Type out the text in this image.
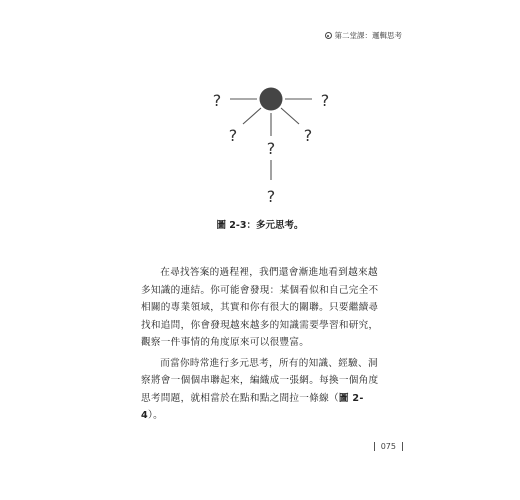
第二堂課：邏輯思考
?	?
?	?
?
?
圖 2-3：多元思考。

在尋找答案的過程裡，我們還會漸進地看到越來越多知識的連結。你可能會發現：某個看似和自己完全不相關的專業領域，其實和你有很大的關聯。只要繼續尋找和追問，你會發現越來越多的知識需要學習和研究，觀察一件事情的角度原來可以很豐富。

而當你時常進行多元思考，所有的知識、經驗、洞察將會一個個串聯起來，編織成一張網。每換一個角度思考問題，就相當於在點和點之間拉一條線（圖 2-4）。

075
